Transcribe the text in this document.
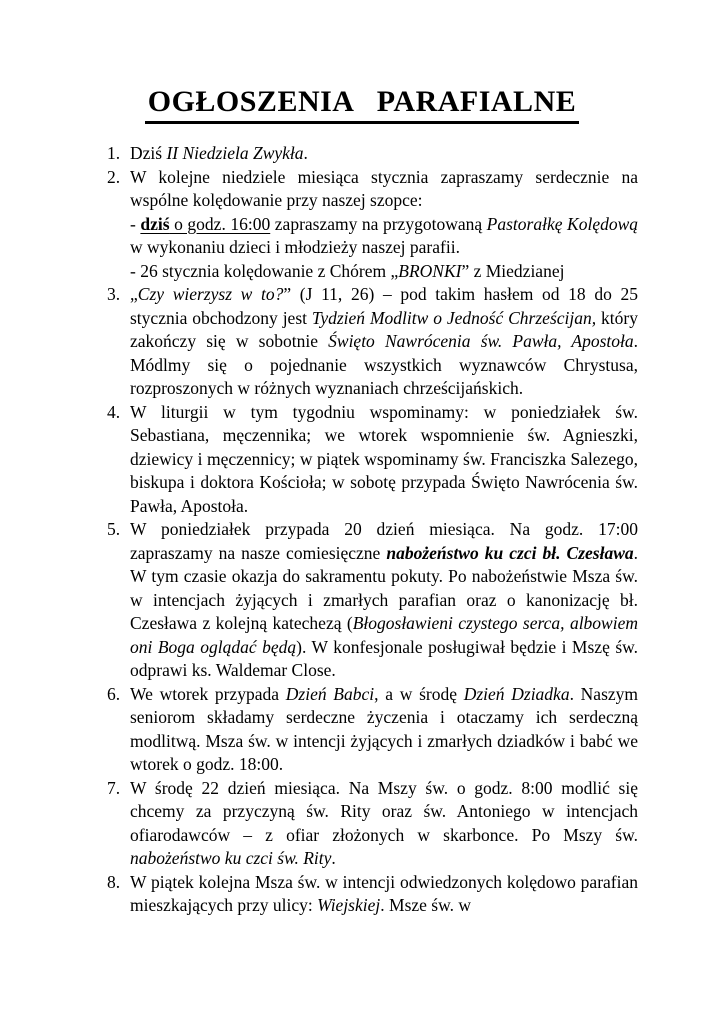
OGŁOSZENIA   PARAFIALNE
1. Dziś II Niedziela Zwykła.
2. W kolejne niedziele miesiąca stycznia zapraszamy serdecznie na wspólne kolędowanie przy naszej szopce:
- dziś o godz. 16:00 zapraszamy na przygotowaną Pastorałkę Kolędową w wykonaniu dzieci i młodzieży naszej parafii.
- 26 stycznia kolędowanie z Chórem „BRONKI” z Miedzianej
3. „Czy wierzysz w to?” (J 11, 26) – pod takim hasłem od 18 do 25 stycznia obchodzony jest Tydzień Modlitw o Jedność Chrześcijan, który zakończy się w sobotnie Święto Nawrócenia św. Pawła, Apostoła. Módlmy się o pojednanie wszystkich wyznawców Chrystusa, rozproszonych w różnych wyznaniach chrześcijańskich.
4. W liturgii w tym tygodniu wspominamy: w poniedziałek św. Sebastiana, męczennika; we wtorek wspomnienie św. Agnieszki, dziewicy i męczennicy; w piątek wspominamy św. Franciszka Salezego, biskupa i doktora Kościoła; w sobotę przypada Święto Nawrócenia św. Pawła, Apostoła.
5. W poniedziałek przypada 20 dzień miesiąca. Na godz. 17:00 zapraszamy na nasze comiesięczne nabożeństwo ku czci bł. Czesława. W tym czasie okazja do sakramentu pokuty. Po nabożeństwie Msza św. w intencjach żyjących i zmarłych parafian oraz o kanonizację bł. Czesława z kolejną katechezą (Błogosławieni czystego serca, albowiem oni Boga oglądać będą). W konfesjonale posługiwał będzie i Mszę św. odprawi ks. Waldemar Close.
6. We wtorek przypada Dzień Babci, a w środę Dzień Dziadka. Naszym seniorom składamy serdeczne życzenia i otaczamy ich serdeczną modlitwą. Msza św. w intencji żyjących i zmarłych dziadków i babć we wtorek o godz. 18:00.
7. W środę 22 dzień miesiąca. Na Mszy św. o godz. 8:00 modlić się chcemy za przyczyną św. Rity oraz św. Antoniego w intencjach ofiarodawców – z ofiar złożonych w skarbonce. Po Mszy św. nabożeństwo ku czci św. Rity.
8. W piątek kolejna Msza św. w intencji odwiedzonych kolędowo parafian mieszkających przy ulicy: Wiejskiej. Msze św. w
